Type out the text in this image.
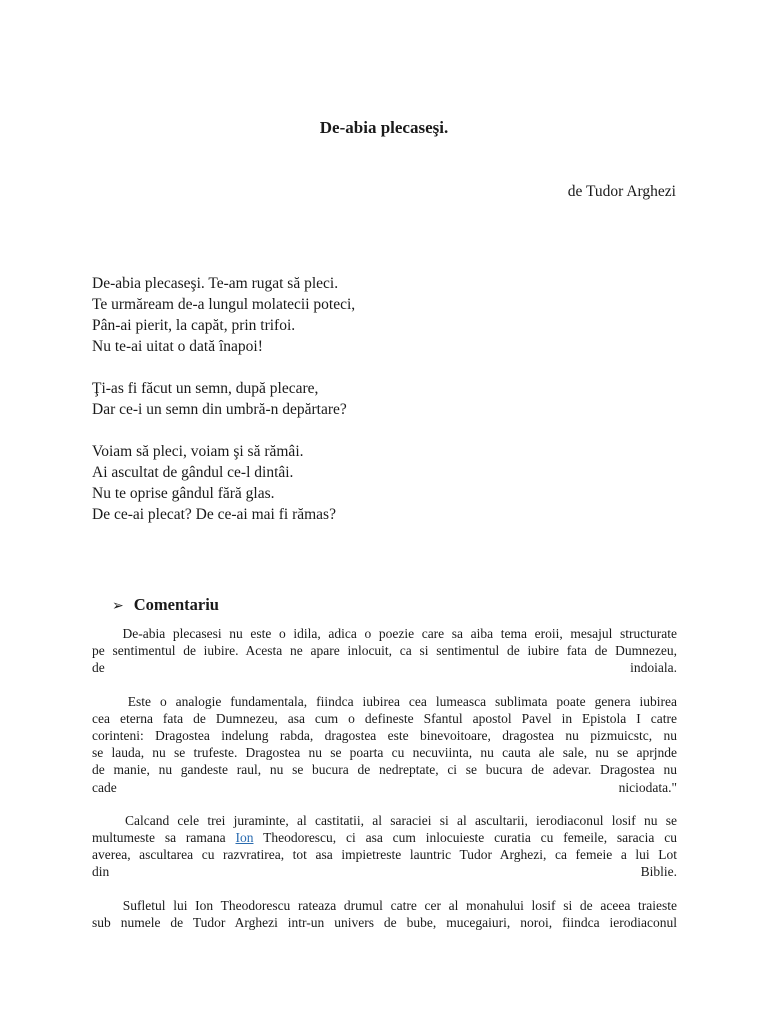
De-abia plecaseşi.
de Tudor Arghezi
De-abia plecaseşi. Te-am rugat să pleci.
Te urmăream de-a lungul molatecii poteci,
Pân-ai pierit, la capăt, prin trifoi.
Nu te-ai uitat o dată înapoi!
Ţi-as fi făcut un semn, după plecare,
Dar ce-i un semn din umbră-n depărtare?
Voiam să pleci, voiam şi să rămâi.
Ai ascultat de gândul ce-l dintâi.
Nu te oprise gândul fără glas.
De ce-ai plecat? De ce-ai mai fi rămas?
➢ Comentariu
De-abia plecasesi nu este o idila, adica o poezie care sa aiba tema eroii, mesajul structurate
pe sentimentul de iubire. Acesta ne apare inlocuit, ca si sentimentul de iubire fata de Dumnezeu,
de indoiala.
Este o analogie fundamentala, fiindca iubirea cea lumeasca sublimata poate genera iubirea
cea eterna fata de Dumnezeu, asa cum o defineste Sfantul apostol Pavel in Epistola I catre
corinteni: Dragostea indelung rabda, dragostea este binevoitoare, dragostea nu pizmuicstc, nu
se lauda, nu se trufeste. Dragostea nu se poarta cu necuviinta, nu cauta ale sale, nu se aprjnde
de manie, nu gandeste raul, nu se bucura de nedreptate, ci se bucura de adevar. Dragostea nu
cade niciodata."
Calcand cele trei juraminte, al castitatii, al saraciei si al ascultarii, ierodiaconul losif nu se
multumeste sa ramana Ion Theodorescu, ci asa cum inlocuieste curatia cu femeile, saracia cu
averea, ascultarea cu razvratirea, tot asa impietreste launtric Tudor Arghezi, ca femeie a lui Lot
din Biblie.
Sufletul lui Ion Theodorescu rateaza drumul catre cer al monahului losif si de aceea traieste
sub numele de Tudor Arghezi intr-un univers de bube, mucegaiuri, noroi, fiindca ierodiaconul
